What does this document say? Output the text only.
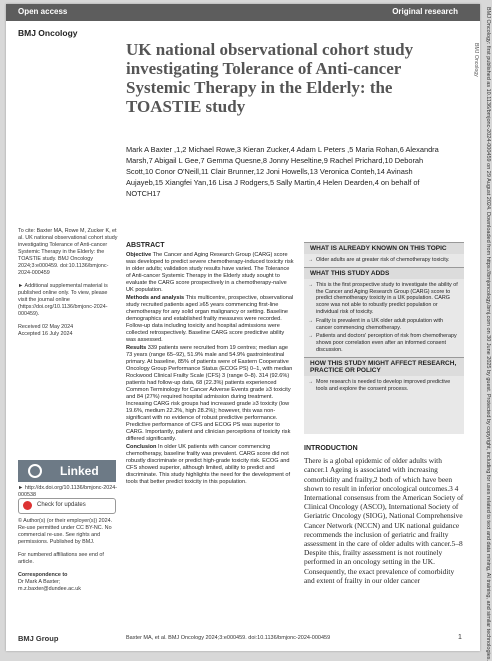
Open access	Original research
BMJ Oncology
UK national observational cohort study investigating Tolerance of Anti-cancer Systemic Therapy in the Elderly: the TOASTIE study
Mark A Baxter ,1,2 Michael Rowe,3 Kieran Zucker,4 Adam L Peters ,5 Maria Rohan,6 Alexandra Marsh,7 Abigail L Gee,7 Gemma Quesne,8 Jonny Heseltine,9 Rachel Prichard,10 Deborah Scott,10 Conor O'Neill,11 Clair Brunner,12 Joni Howells,13 Veronica Conteh,14 Avinash Aujayeb,15 Xiangfei Yan,16 Lisa J Rodgers,5 Sally Martin,4 Helen Dearden,4 on behalf of NOTCH17

To cite: Baxter MA, Rowe M, Zucker K, et al. UK national observational cohort study investigating Tolerance of Anti-cancer Systemic Therapy in the Elderly: the TOASTIE study. BMJ Oncology 2024;3:e000459. doi:10.1136/bmjonc-2024-000459

► Additional supplemental material is published online only. To view, please visit the journal online (https://doi.org/10.1136/bmjonc-2024-000459).

Received 02 May 2024

Accepted 16 July 2024

Linked
► http://dx.doi.org/10.1136/bmjonc-2024-000538
Check for updates

© Author(s) (or their employer(s)) 2024. Re-use permitted under CC BY-NC. No commercial re-use. See rights and permissions. Published by BMJ.

For numbered affiliations see end of article.

Correspondence to

Dr Mark A Baxter; m.z.baxter@dundee.ac.uk

ABSTRACT

Objective The Cancer and Aging Research Group (CARG) score was developed to predict severe chemotherapy-induced toxicity risk in older adults; validation study results have varied. The Tolerance of Anti-cancer Systemic Therapy in the Elderly study sought to evaluate the CARG score prospectively in a chemotherapy-naïve UK population.

Methods and analysis This multicentre, prospective, observational study recruited patients aged ≥65 years commencing first-line chemotherapy for any solid organ malignancy or setting. Baseline demographics and established frailty measures were recorded. Follow-up data including toxicity and hospital admissions were collected retrospectively. Baseline CARG score predictive ability was assessed.

Results 339 patients were recruited from 19 centres; median age 73 years (range 65–92), 51.9% male and 54.9% gastrointestinal primary. At baseline, 85% of patients were of Eastern Cooperative Oncology Group Performance Status (ECOG PS) 0–1, with median Rockwood Clinical Frailty Scale (CFS) 3 (range 0–8). 314 (92.6%) patients had follow-up data, 68 (22.3%) patients experienced Common Terminology for Cancer Adverse Events grade ≥3 toxicity and 84 (27%) required hospital admission during treatment. Increasing CARG risk groups had increased grade ≥3 toxicity (low 19.6%, medium 22.2%, high 28.2%); however, this was non-significant with no evidence of robust predictive performance. Predictive performance of CFS and ECOG PS was superior to CARG. Importantly, patient and clinician perceptions of toxicity risk differed significantly.

Conclusion In older UK patients with cancer commencing chemotherapy, baseline frailty was prevalent. CARG score did not robustly discriminate or predict high-grade toxicity risk. ECOG and CFS showed superior, although limited, ability to predict and discriminate. This study highlights the need for the development of tools that better predict toxicity in this population.

WHAT IS ALREADY KNOWN ON THIS TOPIC
→ Older adults are at greater risk of chemotherapy toxicity.
WHAT THIS STUDY ADDS
→ This is the first prospective study to investigate the ability of the Cancer and Aging Research Group (CARG) score to predict chemotherapy toxicity in a UK population. CARG score was not able to robustly predict population or individual risk of toxicity.
→ Frailty is prevalent in a UK older adult population with cancer commencing chemotherapy.
→ Patients and doctors' perception of risk from chemotherapy shows poor correlation even after an informed consent discussion.
HOW THIS STUDY MIGHT AFFECT RESEARCH, PRACTICE OR POLICY
→ More research is needed to develop improved predictive tools and explore the consent process.
INTRODUCTION

There is a global epidemic of older adults with cancer.1 Ageing is associated with increasing comorbidity and frailty,2 both of which have been shown to result in inferior oncological outcomes.3 4 International consensus from the American Society of Clinical Oncology (ASCO), International Society of Geriatric Oncology (SIOG), National Comprehensive Cancer Network (NCCN) and UK national guidance recommends the inclusion of geriatric and frailty assessment in the care of older adults with cancer.5–8 Despite this, frailty assessment is not routinely performed in an oncology setting in the UK. Consequently, the exact prevalence of comorbidity and extent of frailty in our older cancer

BMJ Group	Baxter MA, et al. BMJ Oncology 2024;3:e000459. doi:10.1136/bmjonc-2024-000459	1
BMJ Oncology BMJ Oncology: first published as 10.1136/bmjonc-2024-000459 on 29 August 2024. Downloaded from https://bmjoncology.bmj.com on 30 June 2025 by guest. Protected by copyright, including for uses related to text and data mining, AI training, and similar technologies.
